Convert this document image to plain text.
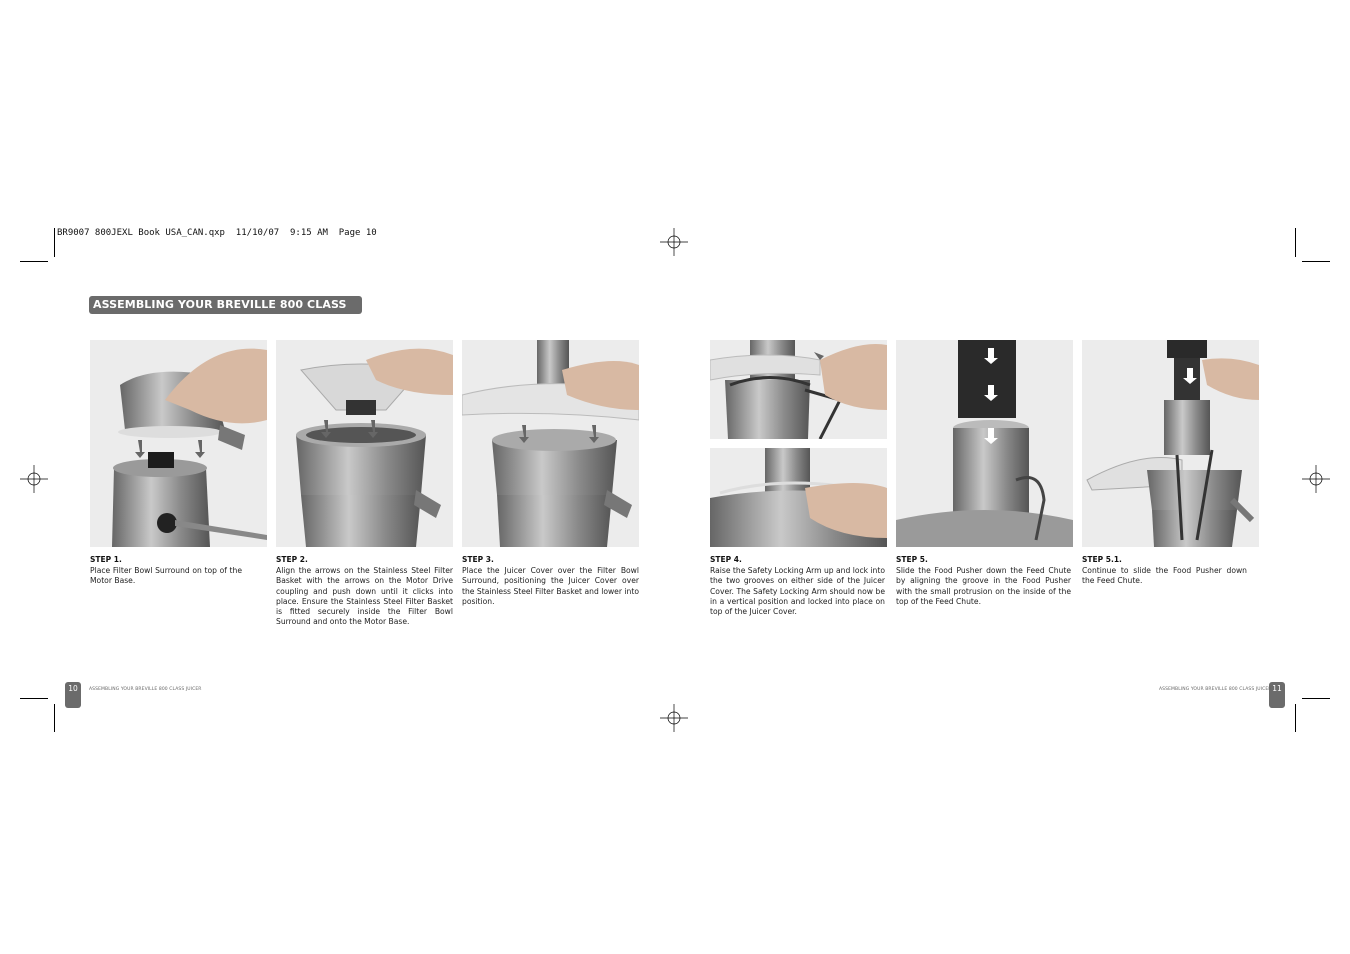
BR9007 800JEXL Book USA_CAN.qxp  11/10/07  9:15 AM  Page 10
ASSEMBLING YOUR BREVILLE 800 CLASS JUICER
STEP 1.
Place Filter Bowl Surround on top of the Motor Base.
STEP 2.
Align the arrows on the Stainless Steel Filter Basket with the arrows on the Motor Drive coupling and push down until it clicks into place. Ensure the Stainless Steel Filter Basket is fitted securely inside the Filter Bowl Surround and onto the Motor Base.
STEP 3.
Place the Juicer Cover over the Filter Bowl Surround, positioning the Juicer Cover over the Stainless Steel Filter Basket and lower into position.
STEP 4.
Raise the Safety Locking Arm up and lock into the two grooves on either side of the Juicer Cover. The Safety Locking Arm should now be in a vertical position and locked into place on top of the Juicer Cover.
STEP 5.
Slide the Food Pusher down the Feed Chute by aligning the groove in the Food Pusher with the small protrusion on the inside of the top of the Feed Chute.
STEP 5.1.
Continue to slide the Food Pusher down the Feed Chute.
10	ASSEMBLING YOUR BREVILLE 800 CLASS JUICER	11
ASSEMBLING YOUR BREVILLE 800 CLASS JUICER
